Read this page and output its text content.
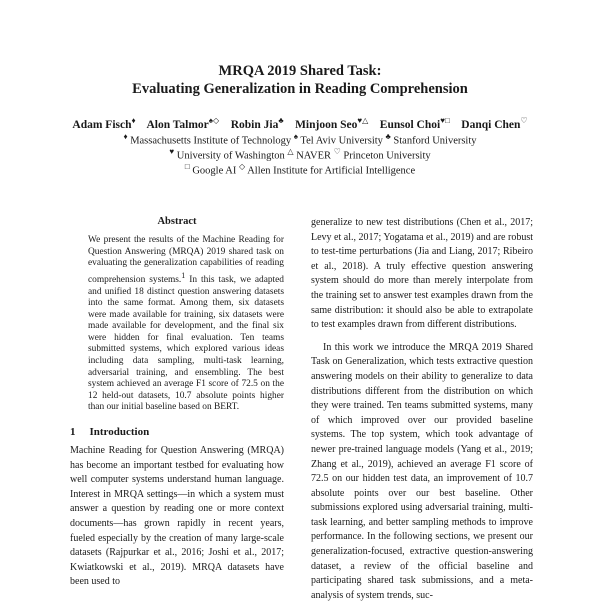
MRQA 2019 Shared Task:
Evaluating Generalization in Reading Comprehension
Adam Fisch♦ Alon Talmor♠◇ Robin Jia♣ Minjoon Seo♥△ Eunsol Choi♥□ Danqi Chen♡
♦ Massachusetts Institute of Technology ♠ Tel Aviv University ♣ Stanford University
♥ University of Washington △ NAVER ♡ Princeton University
□ Google AI ◇ Allen Institute for Artificial Intelligence
Abstract

We present the results of the Machine Reading for Question Answering (MRQA) 2019 shared task on evaluating the generalization capabilities of reading comprehension systems.1 In this task, we adapted and unified 18 distinct question answering datasets into the same format. Among them, six datasets were made available for training, six datasets were made available for development, and the final six were hidden for final evaluation. Ten teams submitted systems, which explored various ideas including data sampling, multi-task learning, adversarial training, and ensembling. The best system achieved an average F1 score of 72.5 on the 12 held-out datasets, 10.7 absolute points higher than our initial baseline based on BERT.

1 Introduction

Machine Reading for Question Answering (MRQA) has become an important testbed for evaluating how well computer systems understand human language. Interest in MRQA settings—in which a system must answer a question by reading one or more context documents—has grown rapidly in recent years, fueled especially by the creation of many large-scale datasets (Rajpurkar et al., 2016; Joshi et al., 2017; Kwiatkowski et al., 2019). MRQA datasets have been used to

generalize to new test distributions (Chen et al., 2017; Levy et al., 2017; Yogatama et al., 2019) and are robust to test-time perturbations (Jia and Liang, 2017; Ribeiro et al., 2018). A truly effective question answering system should do more than merely interpolate from the training set to answer test examples drawn from the same distribution: it should also be able to extrapolate to test examples drawn from different distributions.

In this work we introduce the MRQA 2019 Shared Task on Generalization, which tests extractive question answering models on their ability to generalize to data distributions different from the distribution on which they were trained. Ten teams submitted systems, many of which improved over our provided baseline systems. The top system, which took advantage of newer pre-trained language models (Yang et al., 2019; Zhang et al., 2019), achieved an average F1 score of 72.5 on our hidden test data, an improvement of 10.7 absolute points over our best baseline. Other submissions explored using adversarial training, multi-task learning, and better sampling methods to improve performance. In the following sections, we present our generalization-focused, extractive question-answering dataset, a review of the official baseline and participating shared task submissions, and a meta-analysis of system trends, suc-
